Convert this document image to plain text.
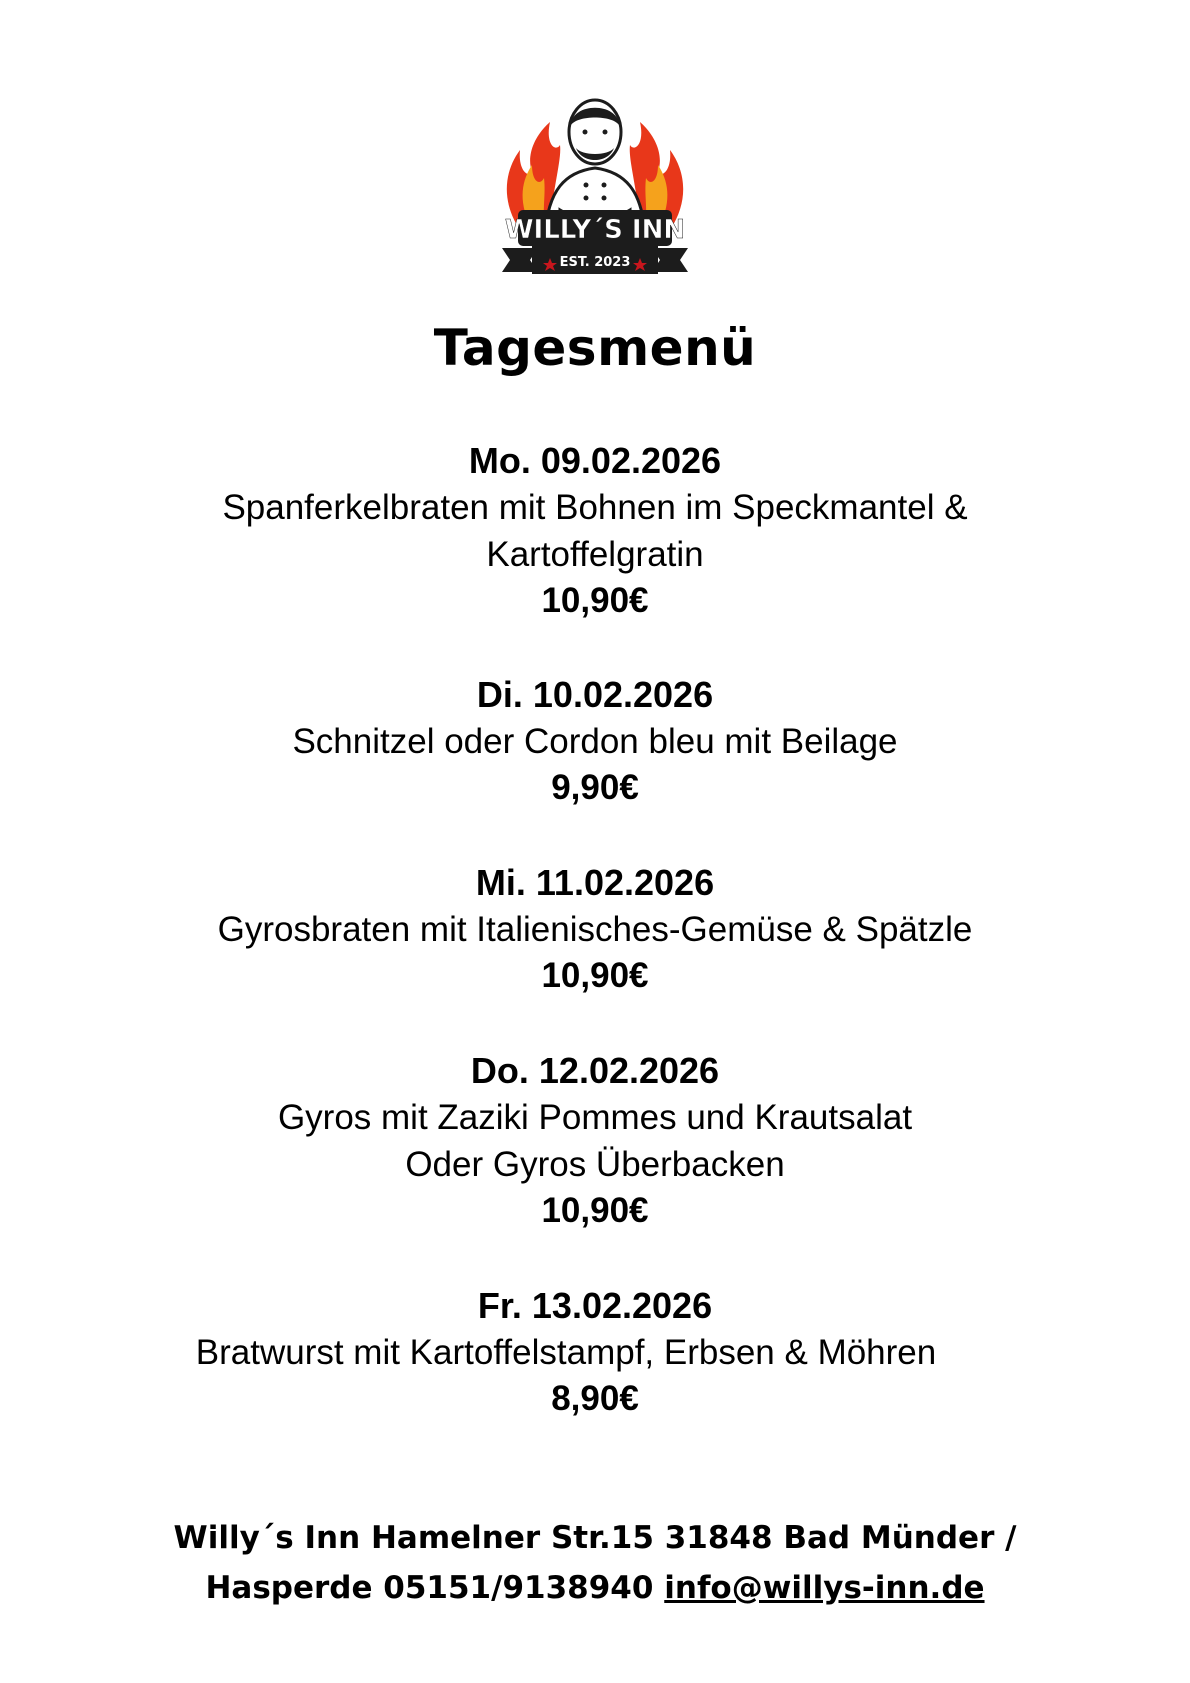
WILLY´S INN
EST. 2023
Tagesmenü
Mo. 09.02.2026
Spanferkelbraten mit Bohnen im Speckmantel &
Kartoffelgratin
10,90€
Di. 10.02.2026
Schnitzel oder Cordon bleu mit Beilage
9,90€
Mi. 11.02.2026
Gyrosbraten mit Italienisches-Gemüse & Spätzle
10,90€
Do. 12.02.2026
Gyros mit Zaziki Pommes und Krautsalat
Oder Gyros Überbacken
10,90€
Fr. 13.02.2026
Bratwurst mit Kartoffelstampf, Erbsen & Möhren
8,90€
Willy´s Inn Hamelner Str.15 31848 Bad Münder /
Hasperde 05151/9138940 info@willys-inn.de
